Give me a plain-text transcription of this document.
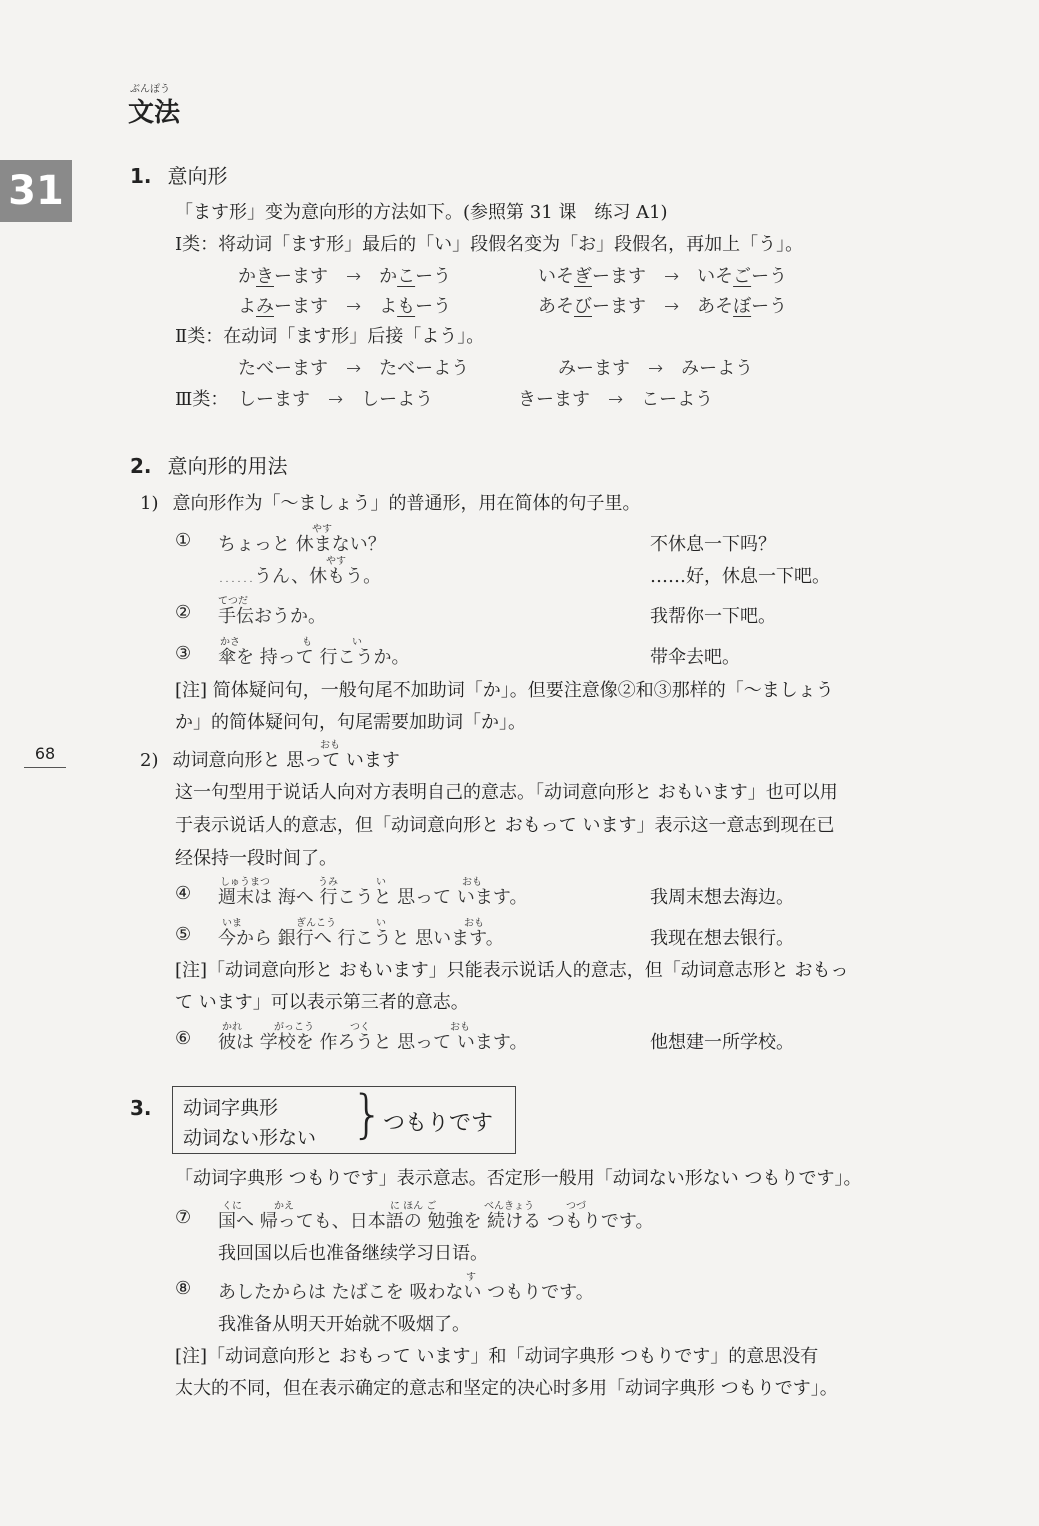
ぶんぽう
文法
31
68
1. 意向形
「ます形」变为意向形的方法如下。(参照第 31 课　练习 A1)
Ⅰ类：将动词「ます形」最后的「い」段假名变为「お」段假名，再加上「う」。
かきーます　→　かこーう	いそぎーます　→　いそごーう
よみーます　→　よもーう	あそびーます　→　あそぼーう
Ⅱ类：在动词「ます形」后接「よう」。
たべーます　→　たべーよう	みーます　→　みーよう
Ⅲ类： しーます　→　しーよう	きーます　→　こーよう
2. 意向形的用法
1) 意向形作为「～ましょう」的普通形，用在简体的句子里。
①
やす
ちょっと 休まない？	不休息一下吗？
やす
……うん、休もう。	……好，休息一下吧。
②
てつだ
手伝おうか。	我帮你一下吧。
③
かさ	も	い
傘を 持って 行こうか。	带伞去吧。
[注] 简体疑问句，一般句尾不加助词「か」。但要注意像②和③那样的「～ましょう
か」的简体疑问句，句尾需要加助词「か」。
おも
2) 动词意向形と 思って います
这一句型用于说话人向对方表明自己的意志。「动词意向形と おもいます」也可以用
于表示说话人的意志，但「动词意向形と おもって います」表示这一意志到现在已
经保持一段时间了。
④
しゅうまつ	うみ	い	おも
週末は 海へ 行こうと 思って います。	我周末想去海边。
⑤
いま	ぎんこう	い	おも
今から 銀行へ 行こうと 思います。	我现在想去银行。
[注]「动词意向形と おもいます」只能表示说话人的意志，但「动词意志形と おもっ
て います」可以表示第三者的意志。
⑥
かれ	がっこう	つく	おも
彼は 学校を 作ろうと 思って います。	他想建一所学校。
3.	动词字典形
动词ない形ない }
つもりです
「动词字典形 つもりです」表示意志。否定形一般用「动词ない形ない つもりです」。
⑦
くに	かえ	に ほん ご	べんきょう	つづ
国へ 帰っても、日本語の 勉強を 続ける つもりです。
我回国以后也准备继续学习日语。
⑧
す
あしたからは たばこを 吸わない つもりです。
我准备从明天开始就不吸烟了。
[注]「动词意向形と おもって います」和「动词字典形 つもりです」的意思没有
太大的不同，但在表示确定的意志和坚定的决心时多用「动词字典形 つもりです」。
